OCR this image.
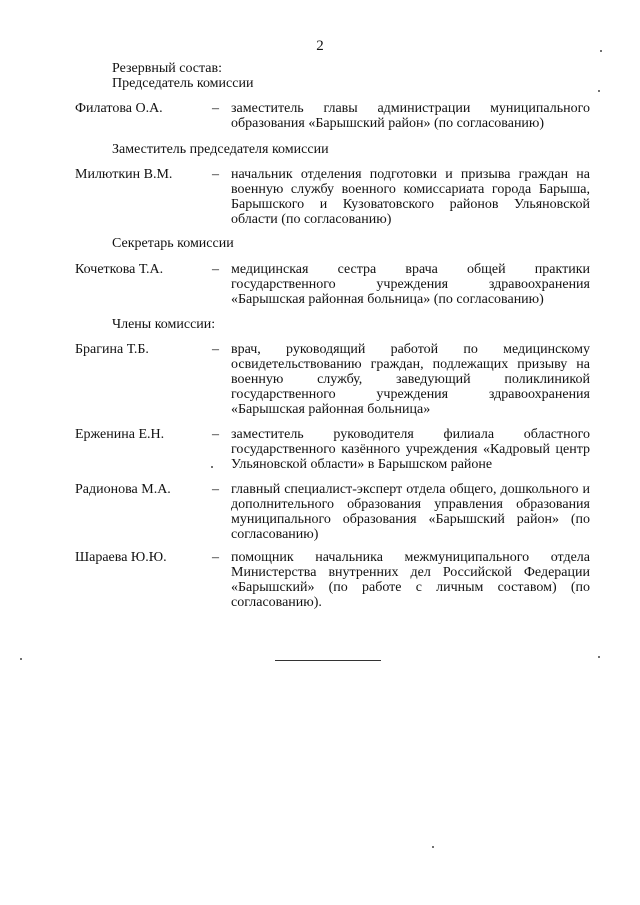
2
Резервный состав:
Председатель комиссии
Филатова О.А.	– заместитель главы администрации муниципального образования «Барышский район» (по согласованию)
Заместитель председателя комиссии
Милюткин В.М.	– начальник отделения подготовки и призыва граждан на военную службу военного комиссариата города Барыша, Барышского и Кузоватовского районов Ульяновской области (по согласованию)
Секретарь комиссии
Кочеткова Т.А.	– медицинская сестра врача общей практики государственного учреждения здравоохранения «Барышская районная больница» (по согласованию)
Члены комиссии:
Брагина Т.Б.	– врач, руководящий работой по медицинскому освидетельствованию граждан, подлежащих призыву на военную службу, заведующий поликлиникой государственного учреждения здравоохранения «Барышская районная больница»
Ерженина Е.Н.	– заместитель руководителя филиала областного государственного казённого учреждения «Кадровый центр Ульяновской области» в Барышском районе
Радионова М.А.	– главный специалист-эксперт отдела общего, дошкольного и дополнительного образования управления образования муниципального образования «Барышский район» (по согласованию)
Шараева Ю.Ю.	– помощник начальника межмуниципального отдела Министерства внутренних дел Российской Федерации «Барышский» (по работе с личным составом) (по согласованию).
